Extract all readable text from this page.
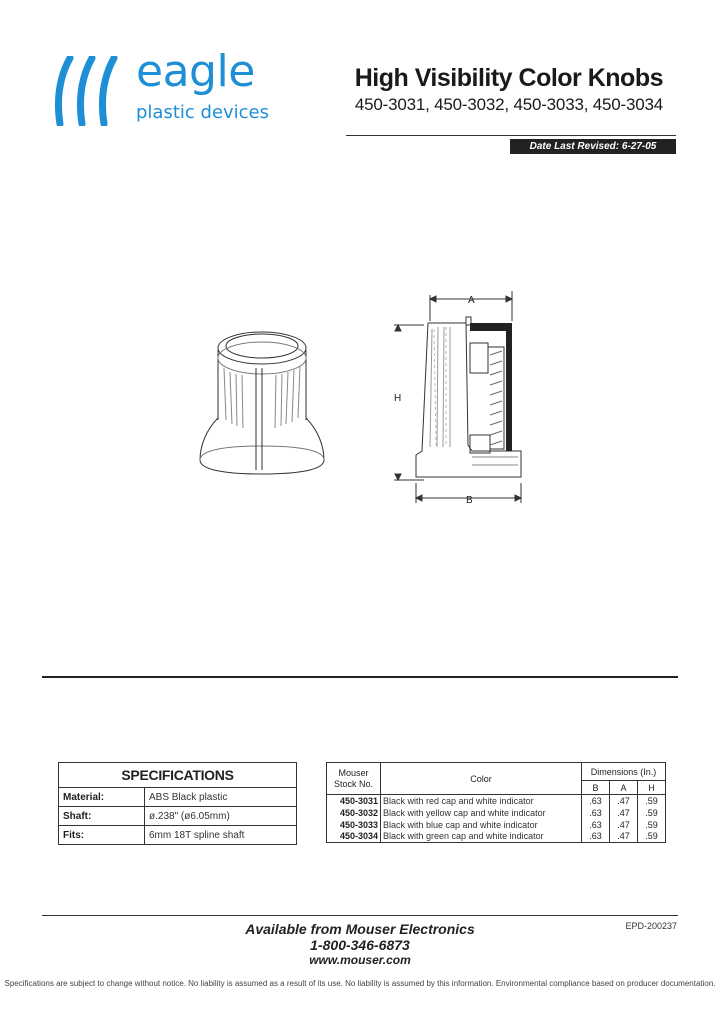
eagle
plastic devices
High Visibility Color Knobs
450-3031, 450-3032, 450-3033, 450-3034
Date Last Revised: 6-27-05
A
H
B
SPECIFICATIONS	
Material:	ABS Black plastic
Shaft:	ø.238" (ø6.05mm)
Fits:	6mm 18T spline shaft
Mouser Stock No.	Color	Dimensions (In.)		
		B	A	H
450-3031	Black with red cap and white indicator	.63	.47	.59
450-3032	Black with yellow cap and white indicator	.63	.47	.59
450-3033	Black with blue cap and white indicator	.63	.47	.59
450-3034	Black with green cap and white indicator	.63	.47	.59
Available from Mouser Electronics
1-800-346-6873
www.mouser.com
EPD-200237
Specifications are subject to change without notice. No liability is assumed as a result of its use. No liability is assumed by this information. Environmental compliance based on producer documentation.
